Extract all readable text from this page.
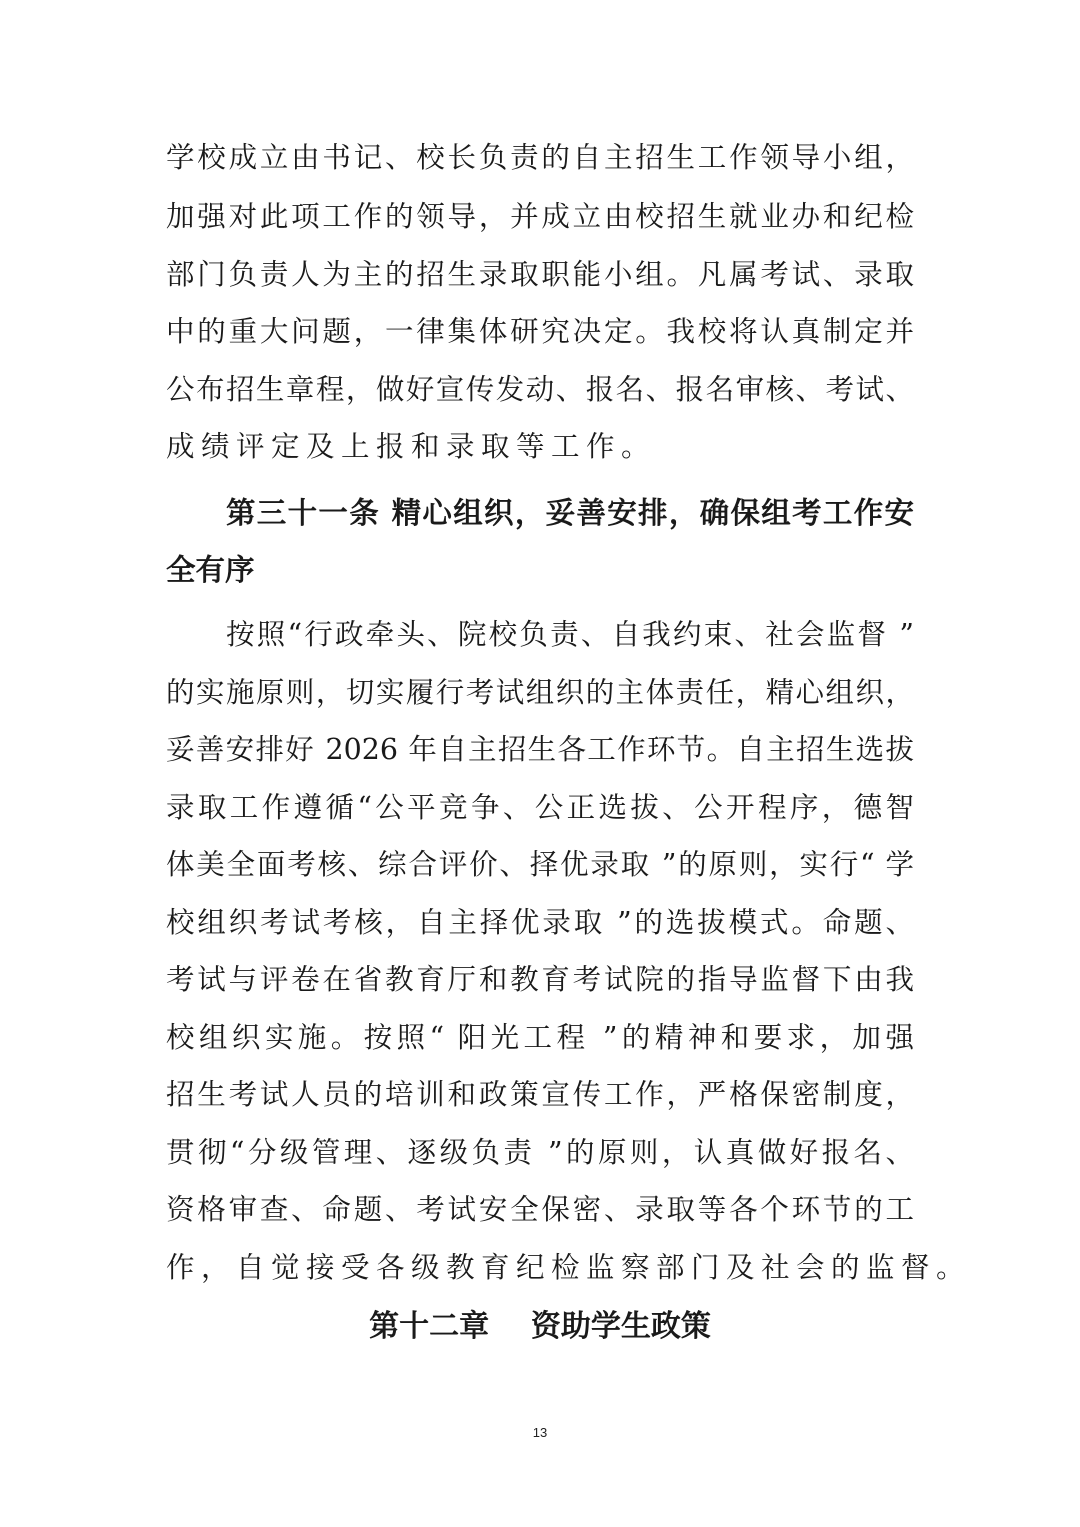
学校成立由书记、校长负责的自主招生工作领导小组，
加强对此项工作的领导，并成立由校招生就业办和纪检
部门负责人为主的招生录取职能小组。凡属考试、录取
中的重大问题，一律集体研究决定。我校将认真制定并
公布招生章程，做好宣传发动、报名、报名审核、考试、
成绩评定及上报和录取等工作。
第三十一条 精心组织，妥善安排，确保组考工作安
全有序
按照“行政牵头、院校负责、自我约束、社会监督 ”
的实施原则，切实履行考试组织的主体责任，精心组织，
妥善安排好 2026 年自主招生各工作环节。自主招生选拔
录取工作遵循“公平竞争、公正选拔、公开程序，德智
体美全面考核、综合评价、择优录取 ”的原则，实行“ 学
校组织考试考核，自主择优录取 ”的选拔模式。命题、
考试与评卷在省教育厅和教育考试院的指导监督下由我
校组织实施。按照“ 阳光工程 ”的精神和要求，加强
招生考试人员的培训和政策宣传工作，严格保密制度，
贯彻“分级管理、逐级负责 ”的原则，认真做好报名、
资格审查、命题、考试安全保密、录取等各个环节的工
作，自觉接受各级教育纪检监察部门及社会的监督。
第十二章    资助学生政策
13
